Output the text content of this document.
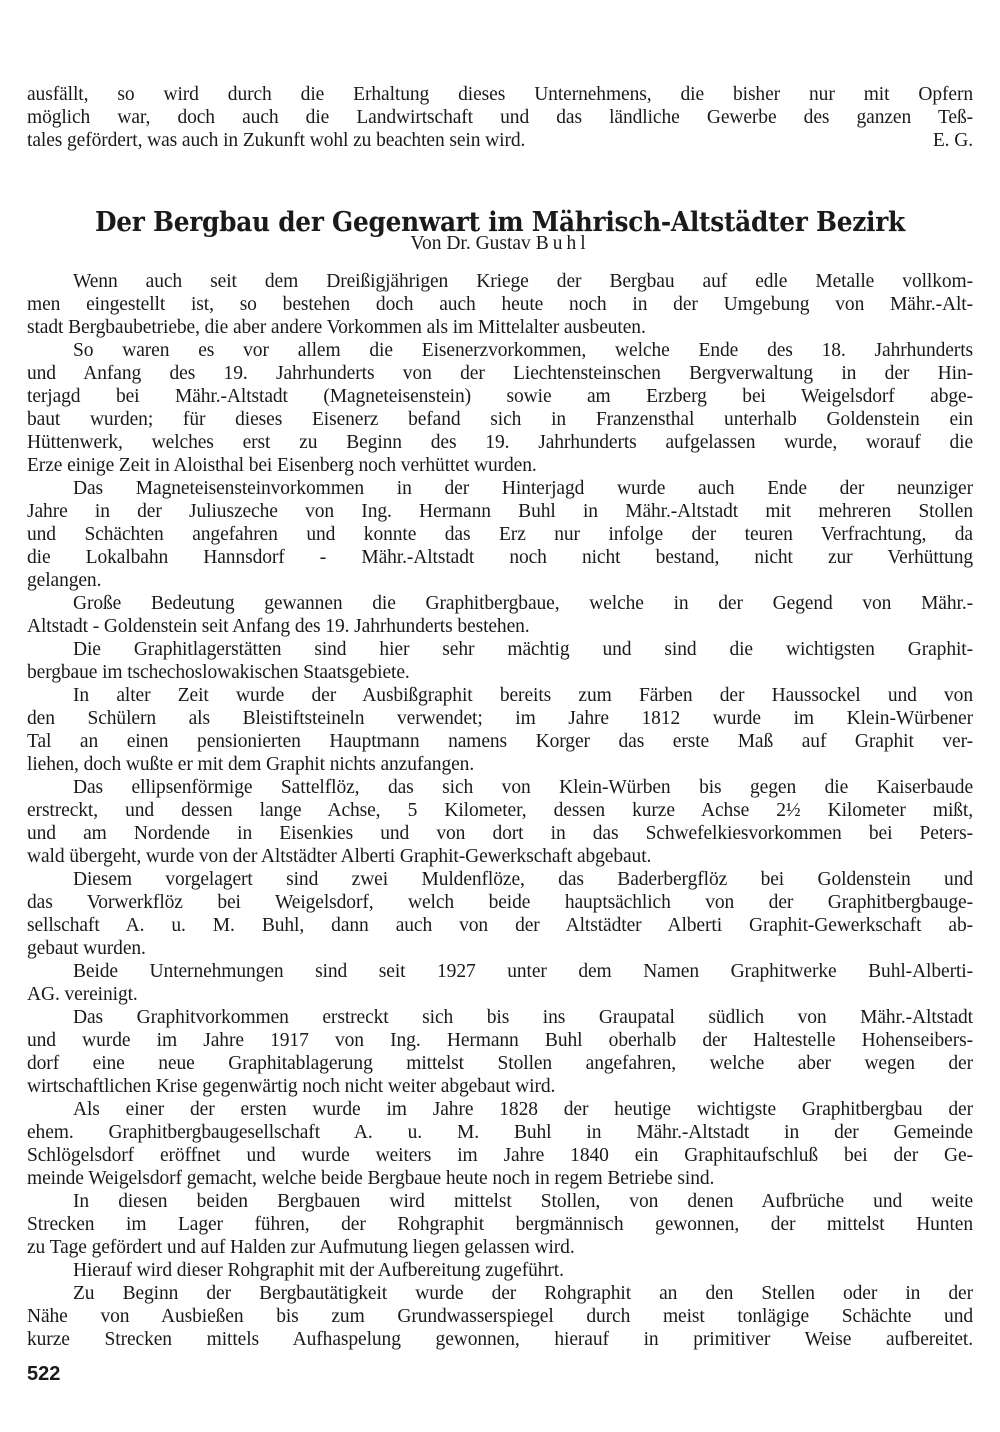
ausfällt, so wird durch die Erhaltung dieses Unternehmens, die bisher nur mit Opfern
möglich war, doch auch die Landwirtschaft und das ländliche Gewerbe des ganzen Teß-
tales gefördert, was auch in Zukunft wohl zu beachten sein wird.	E. G.
Der Bergbau der Gegenwart im Mährisch-Altstädter Bezirk
Von Dr. Gustav Buhl
Wenn auch seit dem Dreißigjährigen Kriege der Bergbau auf edle Metalle vollkom-
men eingestellt ist, so bestehen doch auch heute noch in der Umgebung von Mähr.-Alt-
stadt Bergbaubetriebe, die aber andere Vorkommen als im Mittelalter ausbeuten.
So waren es vor allem die Eisenerzvorkommen, welche Ende des 18. Jahrhunderts
und Anfang des 19. Jahrhunderts von der Liechtensteinschen Bergverwaltung in der Hin-
terjagd bei Mähr.-Altstadt (Magneteisenstein) sowie am Erzberg bei Weigelsdorf abge-
baut wurden; für dieses Eisenerz befand sich in Franzensthal unterhalb Goldenstein ein
Hüttenwerk, welches erst zu Beginn des 19. Jahrhunderts aufgelassen wurde, worauf die
Erze einige Zeit in Aloisthal bei Eisenberg noch verhüttet wurden.
Das Magneteisensteinvorkommen in der Hinterjagd wurde auch Ende der neunziger
Jahre in der Juliuszeche von Ing. Hermann Buhl in Mähr.-Altstadt mit mehreren Stollen
und Schächten angefahren und konnte das Erz nur infolge der teuren Verfrachtung, da
die Lokalbahn Hannsdorf - Mähr.-Altstadt noch nicht bestand, nicht zur Verhüttung
gelangen.
Große Bedeutung gewannen die Graphitbergbaue, welche in der Gegend von Mähr.-
Altstadt - Goldenstein seit Anfang des 19. Jahrhunderts bestehen.
Die Graphitlagerstätten sind hier sehr mächtig und sind die wichtigsten Graphit-
bergbaue im tschechoslowakischen Staatsgebiete.
In alter Zeit wurde der Ausbißgraphit bereits zum Färben der Haussockel und von
den Schülern als Bleistiftsteineln verwendet; im Jahre 1812 wurde im Klein-Würbener
Tal an einen pensionierten Hauptmann namens Korger das erste Maß auf Graphit ver-
liehen, doch wußte er mit dem Graphit nichts anzufangen.
Das ellipsenförmige Sattelflöz, das sich von Klein-Würben bis gegen die Kaiserbaude
erstreckt, und dessen lange Achse, 5 Kilometer, dessen kurze Achse 2½ Kilometer mißt,
und am Nordende in Eisenkies und von dort in das Schwefelkiesvorkommen bei Peters-
wald übergeht, wurde von der Altstädter Alberti Graphit-Gewerkschaft abgebaut.
Diesem vorgelagert sind zwei Muldenflöze, das Baderbergflöz bei Goldenstein und
das Vorwerkflöz bei Weigelsdorf, welch beide hauptsächlich von der Graphitbergbauge-
sellschaft A. u. M. Buhl, dann auch von der Altstädter Alberti Graphit-Gewerkschaft ab-
gebaut wurden.
Beide Unternehmungen sind seit 1927 unter dem Namen Graphitwerke Buhl-Alberti-
AG. vereinigt.
Das Graphitvorkommen erstreckt sich bis ins Graupatal südlich von Mähr.-Altstadt
und wurde im Jahre 1917 von Ing. Hermann Buhl oberhalb der Haltestelle Hohenseibers-
dorf eine neue Graphitablagerung mittelst Stollen angefahren, welche aber wegen der
wirtschaftlichen Krise gegenwärtig noch nicht weiter abgebaut wird.
Als einer der ersten wurde im Jahre 1828 der heutige wichtigste Graphitbergbau der
ehem. Graphitbergbaugesellschaft A. u. M. Buhl in Mähr.-Altstadt in der Gemeinde
Schlögelsdorf eröffnet und wurde weiters im Jahre 1840 ein Graphitaufschluß bei der Ge-
meinde Weigelsdorf gemacht, welche beide Bergbaue heute noch in regem Betriebe sind.
In diesen beiden Bergbauen wird mittelst Stollen, von denen Aufbrüche und weite
Strecken im Lager führen, der Rohgraphit bergmännisch gewonnen, der mittelst Hunten
zu Tage gefördert und auf Halden zur Aufmutung liegen gelassen wird.
Hierauf wird dieser Rohgraphit mit der Aufbereitung zugeführt.
Zu Beginn der Bergbautätigkeit wurde der Rohgraphit an den Stellen oder in der
Nähe von Ausbießen bis zum Grundwasserspiegel durch meist tonlägige Schächte und
kurze Strecken mittels Aufhaspelung gewonnen, hierauf in primitiver Weise aufbereitet.
522
